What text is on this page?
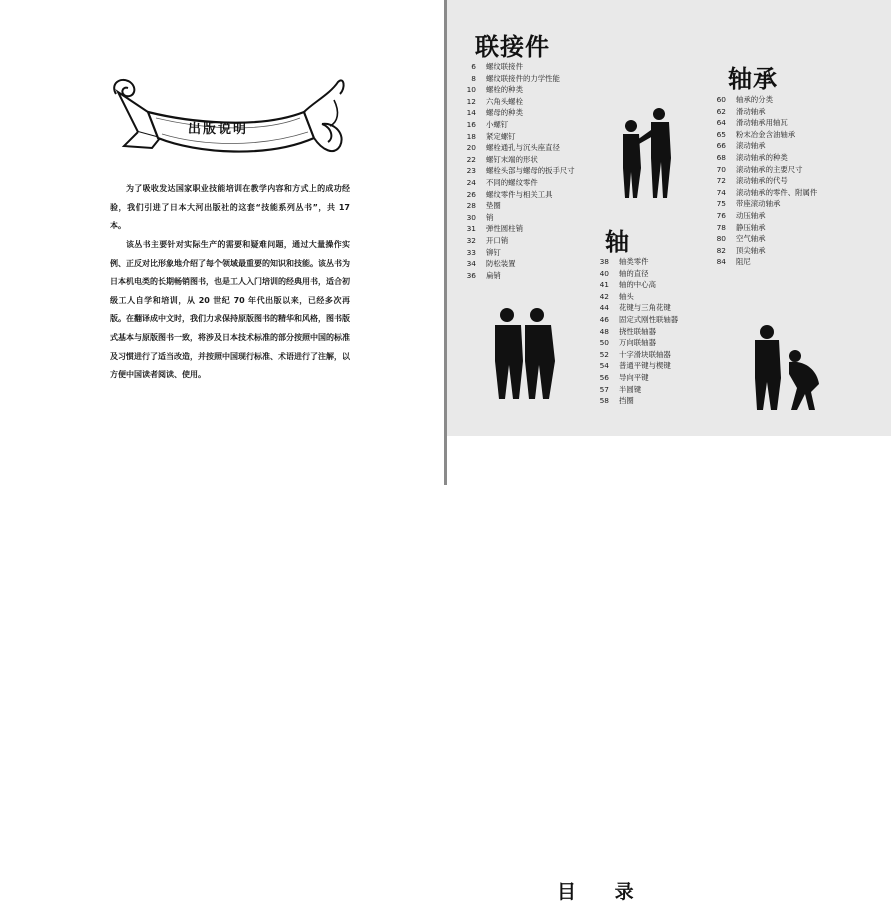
出版说明

为了吸收发达国家职业技能培训在教学内容和方式上的成功经验，我们引进了日本大河出版社的这套“技能系列丛书”，共 17 本。

该丛书主要针对实际生产的需要和疑难问题，通过大量操作实例、正反对比形象地介绍了每个领域最重要的知识和技能。该丛书为日本机电类的长期畅销图书，也是工人入门培训的经典用书，适合初级工人自学和培训，从 20 世纪 70 年代出版以来，已经多次再版。在翻译成中文时，我们力求保持原版图书的精华和风格，图书版式基本与原版图书一致，将涉及日本技术标准的部分按照中国的标准及习惯进行了适当改造，并按照中国现行标准、术语进行了注解，以方便中国读者阅读、使用。

联接件
6 螺纹联接件
8 螺纹联接件的力学性能
10 螺栓的种类
12 六角头螺栓
14 螺母的种类
16 小螺钉
18 紧定螺钉
20 螺栓通孔与沉头座直径
22 螺钉末端的形状
23 螺栓头部与螺母的扳手尺寸
24 不同的螺纹零件
26 螺纹零件与相关工具
28 垫圈
30 销
31 弹性圆柱销
32 开口销
33 铆钉
34 防松装置
36 扁销
轴承
60 轴承的分类
62 滑动轴承
64 滑动轴承用轴瓦
65 粉末冶金含油轴承
66 滚动轴承
68 滚动轴承的种类
70 滚动轴承的主要尺寸
72 滚动轴承的代号
74 滚动轴承的零件、附属件
75 带座滚动轴承
76 动压轴承
78 静压轴承
80 空气轴承
82 顶尖轴承
84 阻尼
轴
38 轴类零件
40 轴的直径
41 轴的中心高
42 轴头
44 花键与三角花键
46 固定式刚性联轴器
48 挠性联轴器
50 万向联轴器
52 十字滑块联轴器
54 普通平键与楔键
56 导向平键
57 半圆键
58 挡圈
目 录
